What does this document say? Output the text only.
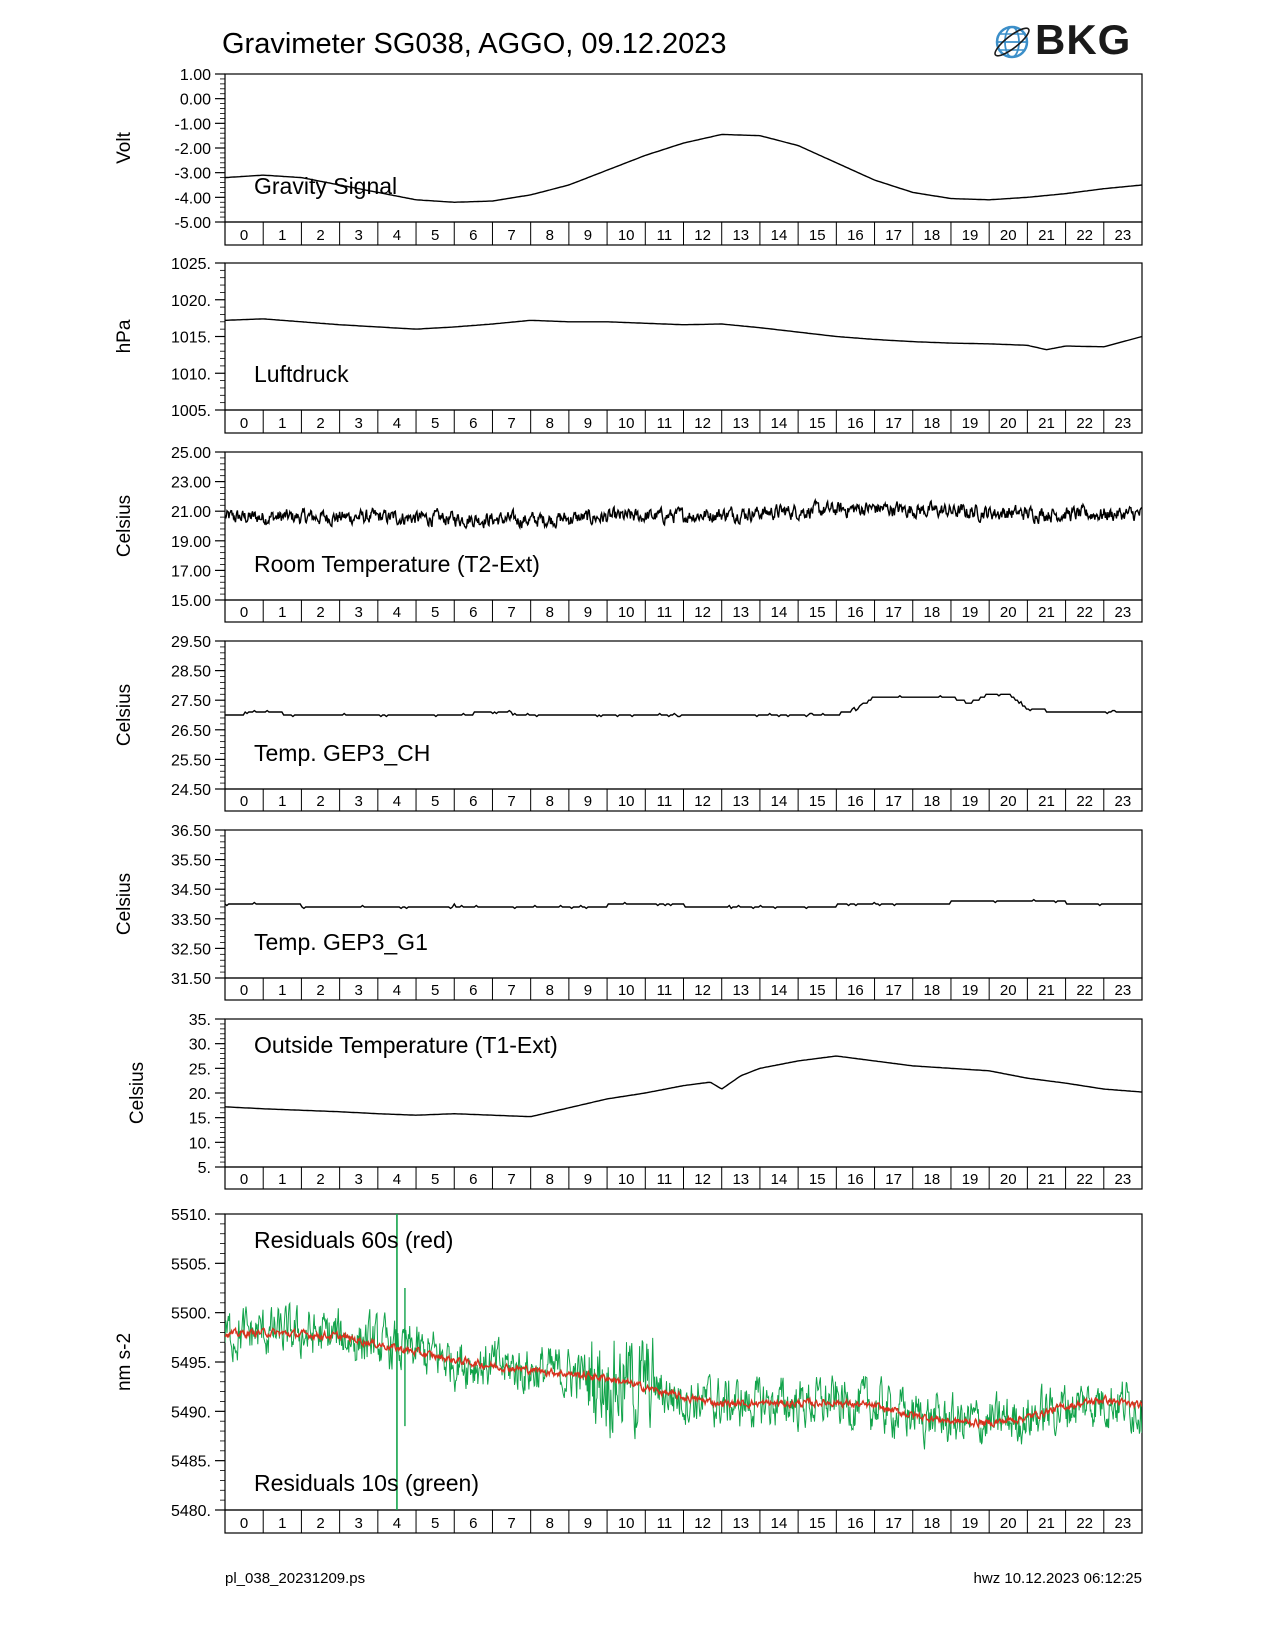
Gravimeter SG038, AGGO, 09.12.2023	BKG
0 1 2 3 4 5 6 7 8 9 10 11 12 13 14 15 16 17 18 19 20 21 22 23
1.00
0.00
-1.00
-2.00
-3.00
-4.00
-5.00
Volt
Gravity Signal
0 1 2 3 4 5 6 7 8 9 10 11 12 13 14 15 16 17 18 19 20 21 22 23
1025.
1020.
1015.
1010.
1005.
hPa
Luftdruck
0 1 2 3 4 5 6 7 8 9 10 11 12 13 14 15 16 17 18 19 20 21 22 23
25.00
23.00
21.00
19.00
17.00
15.00
Celsius
Room Temperature (T2-Ext)
0 1 2 3 4 5 6 7 8 9 10 11 12 13 14 15 16 17 18 19 20 21 22 23
29.50
28.50
27.50
26.50
25.50
24.50
Celsius
Temp. GEP3_CH
0 1 2 3 4 5 6 7 8 9 10 11 12 13 14 15 16 17 18 19 20 21 22 23
36.50
35.50
34.50
33.50
32.50
31.50
Celsius
Temp. GEP3_G1
0 1 2 3 4 5 6 7 8 9 10 11 12 13 14 15 16 17 18 19 20 21 22 23
35.
30.
25.
20.
15.
10.
5.
Celsius
Outside Temperature (T1-Ext)
0 1 2 3 4 5 6 7 8 9 10 11 12 13 14 15 16 17 18 19 20 21 22 23
5510.
5505.
5500.
5495.
5490.
5485.
5480.
nm s-2
Residuals 60s (red)
Residuals 10s (green)
pl_038_20231209.ps	hwz 10.12.2023 06:12:25
